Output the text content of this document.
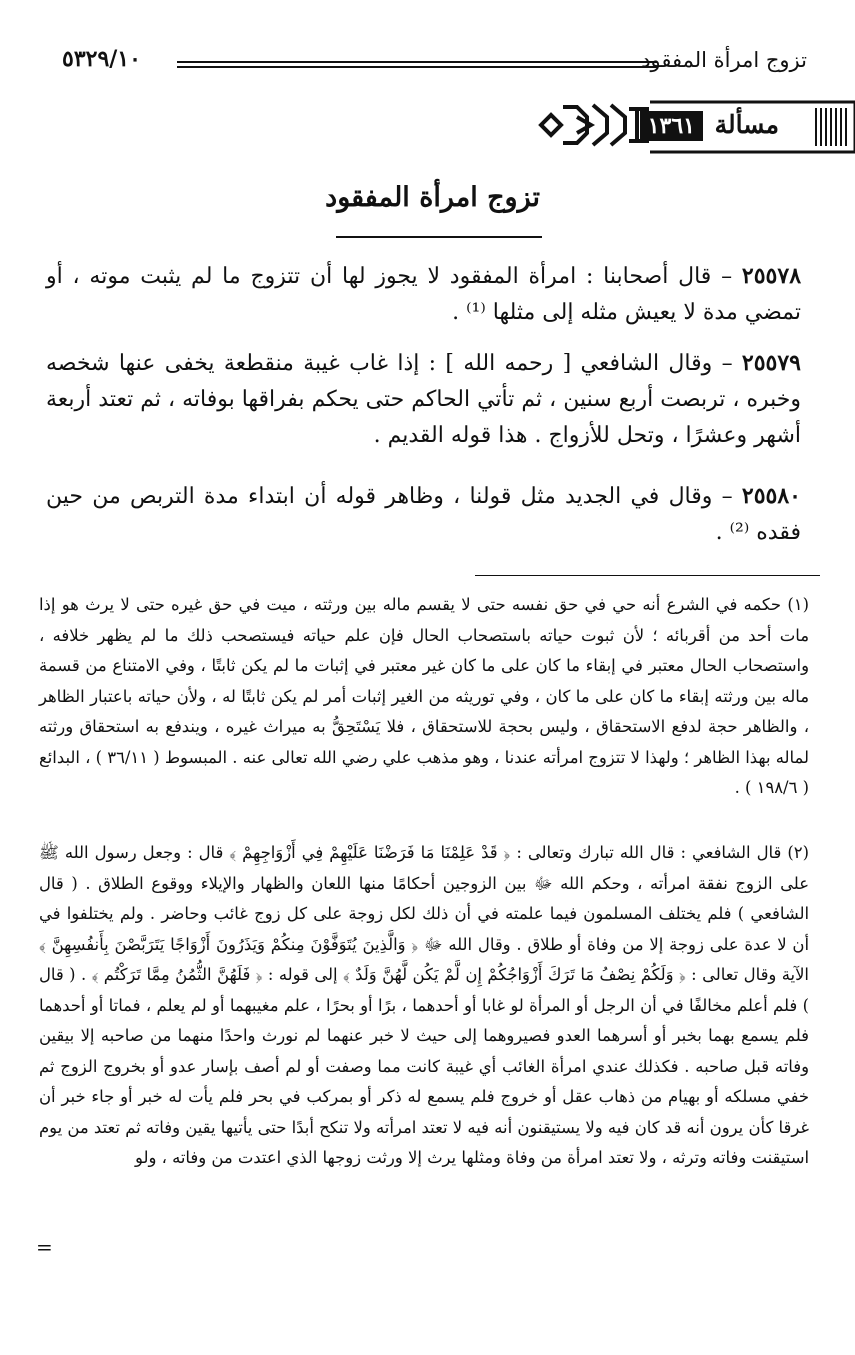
تزوج امرأة المفقود
٥٣٢٩/١٠
مسألة
١٣٦١
تزوج امرأة المفقود
٢٥٥٧٨ – قال أصحابنا : امرأة المفقود لا يجوز لها أن تتزوج ما لم يثبت موته ، أو تمضي مدة لا يعيش مثله إلى مثلها ⁽¹⁾ .
٢٥٥٧٩ – وقال الشافعي [ رحمه الله ] : إذا غاب غيبة منقطعة يخفى عنها شخصه وخبره ، تربصت أربع سنين ، ثم تأتي الحاكم حتى يحكم بفراقها بوفاته ، ثم تعتد أربعة أشهر وعشرًا ، وتحل للأزواج . هذا قوله القديم .
٢٥٥٨٠ – وقال في الجديد مثل قولنا ، وظاهر قوله أن ابتداء مدة التربص من حين فقده ⁽²⁾ .
(١) حكمه في الشرع أنه حي في حق نفسه حتى لا يقسم ماله بين ورثته ، ميت في حق غيره حتى لا يرث هو إذا مات أحد من أقربائه ؛ لأن ثبوت حياته باستصحاب الحال فإن علم حياته فيستصحب ذلك ما لم يظهر خلافه ، واستصحاب الحال معتبر في إبقاء ما كان على ما كان غير معتبر في إثبات ما لم يكن ثابتًا ، وفي الامتناع من قسمة ماله بين ورثته إبقاء ما كان على ما كان ، وفي توريثه من الغير إثبات أمر لم يكن ثابتًا له ، ولأن حياته باعتبار الظاهر ، والظاهر حجة لدفع الاستحقاق ، وليس بحجة للاستحقاق ، فلا يَسْتَحِقُّ به ميراث غيره ، ويندفع به استحقاق ورثته لماله بهذا الظاهر ؛ ولهذا لا تتزوج امرأته عندنا ، وهو مذهب علي رضي الله تعالى عنه . المبسوط ( ٣٦/١١ ) ، البدائع ( ١٩٨/٦ ) .
(٢) قال الشافعي : قال الله تبارك وتعالى : ﴿ قَدْ عَلِمْنَا مَا فَرَضْنَا عَلَيْهِمْ فِي أَزْوَاجِهِمْ ﴾ قال : وجعل رسول الله ﷺ على الزوج نفقة امرأته ، وحكم الله ﷻ بين الزوجين أحكامًا منها اللعان والظهار والإيلاء ووقوع الطلاق . ( قال الشافعي ) فلم يختلف المسلمون فيما علمته في أن ذلك لكل زوجة على كل زوج غائب وحاضر . ولم يختلفوا في أن لا عدة على زوجة إلا من وفاة أو طلاق . وقال الله ﷻ ﴿ وَالَّذِينَ يُتَوَفَّوْنَ مِنكُمْ وَيَذَرُونَ أَزْوَاجًا يَتَرَبَّصْنَ بِأَنفُسِهِنَّ ﴾ الآية وقال تعالى : ﴿ وَلَكُمْ نِصْفُ مَا تَرَكَ أَزْوَاجُكُمْ إِن لَّمْ يَكُن لَّهُنَّ وَلَدٌ ﴾ إلى قوله : ﴿ فَلَهُنَّ الثُّمُنُ مِمَّا تَرَكْتُم ﴾ . ( قال ) فلم أعلم مخالفًا في أن الرجل أو المرأة لو غابا أو أحدهما ، برًا أو بحرًا ، علم مغيبهما أو لم يعلم ، فماتا أو أحدهما فلم يسمع بهما بخبر أو أسرهما العدو فصيروهما إلى حيث لا خبر عنهما لم نورث واحدًا منهما من صاحبه إلا بيقين وفاته قبل صاحبه . فكذلك عندي امرأة الغائب أي غيبة كانت مما وصفت أو لم أصف بإسار عدو أو بخروج الزوج ثم خفي مسلكه أو بهيام من ذهاب عقل أو خروج فلم يسمع له ذكر أو بمركب في بحر فلم يأت له خبر أو جاء خبر أن غرقا كأن يرون أنه قد كان فيه ولا يستيقنون أنه فيه لا تعتد امرأته ولا تنكح أبدًا حتى يأتيها يقين وفاته ثم تعتد من يوم استيقنت وفاته وترثه ، ولا تعتد امرأة من وفاة ومثلها يرث إلا ورثت زوجها الذي اعتدت من وفاته ، ولو
=
